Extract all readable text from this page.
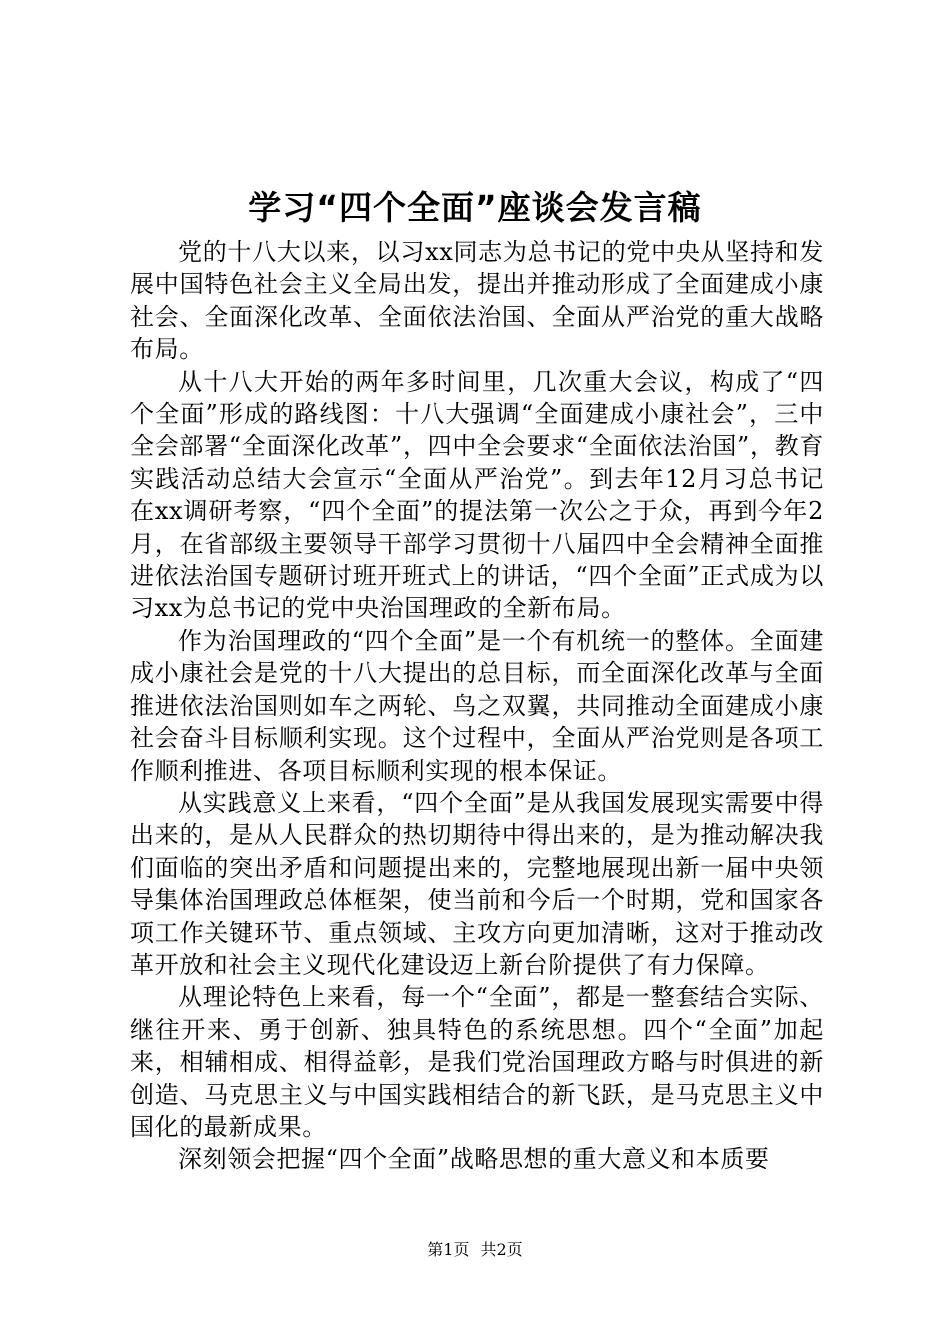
学习“四个全面”座谈会发言稿

党的十八大以来，以习xx同志为总书记的党中央从坚持和发展中国特色社会主义全局出发，提出并推动形成了全面建成小康社会、全面深化改革、全面依法治国、全面从严治党的重大战略布局。

从十八大开始的两年多时间里，几次重大会议，构成了“四个全面”形成的路线图：十八大强调“全面建成小康社会”，三中全会部署“全面深化改革”，四中全会要求“全面依法治国”，教育实践活动总结大会宣示“全面从严治党”。到去年12月习总书记在xx调研考察，“四个全面”的提法第一次公之于众，再到今年2月，在省部级主要领导干部学习贯彻十八届四中全会精神全面推进依法治国专题研讨班开班式上的讲话，“四个全面”正式成为以习xx为总书记的党中央治国理政的全新布局。

作为治国理政的“四个全面”是一个有机统一的整体。全面建成小康社会是党的十八大提出的总目标，而全面深化改革与全面推进依法治国则如车之两轮、鸟之双翼，共同推动全面建成小康社会奋斗目标顺利实现。这个过程中，全面从严治党则是各项工作顺利推进、各项目标顺利实现的根本保证。

从实践意义上来看，“四个全面”是从我国发展现实需要中得出来的，是从人民群众的热切期待中得出来的，是为推动解决我们面临的突出矛盾和问题提出来的，完整地展现出新一届中央领导集体治国理政总体框架，使当前和今后一个时期，党和国家各项工作关键环节、重点领域、主攻方向更加清晰，这对于推动改革开放和社会主义现代化建设迈上新台阶提供了有力保障。

从理论特色上来看，每一个“全面”，都是一整套结合实际、继往开来、勇于创新、独具特色的系统思想。四个“全面”加起来，相辅相成、相得益彰，是我们党治国理政方略与时俱进的新创造、马克思主义与中国实践相结合的新飞跃，是马克思主义中国化的最新成果。

深刻领会把握“四个全面”战略思想的重大意义和本质要

第1页 共2页
